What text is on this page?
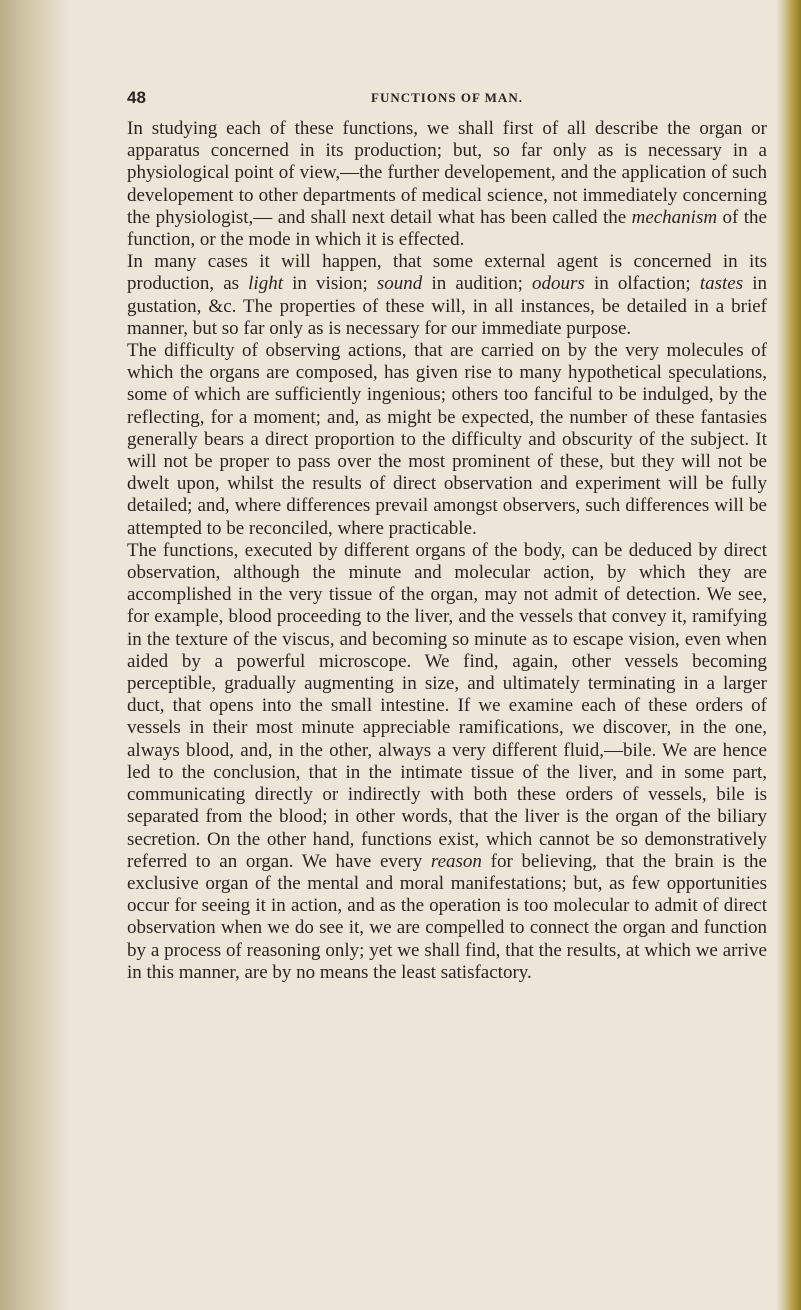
48	FUNCTIONS OF MAN.

In studying each of these functions, we shall first of all describe the organ or apparatus concerned in its production; but, so far only as is necessary in a physiological point of view,—the further developement, and the application of such developement to other departments of medical science, not immediately concerning the physiologist,— and shall next detail what has been called the mechanism of the function, or the mode in which it is effected.

In many cases it will happen, that some external agent is concerned in its production, as light in vision; sound in audition; odours in olfaction; tastes in gustation, &c. The properties of these will, in all instances, be detailed in a brief manner, but so far only as is necessary for our immediate purpose.

The difficulty of observing actions, that are carried on by the very molecules of which the organs are composed, has given rise to many hypothetical speculations, some of which are sufficiently ingenious; others too fanciful to be indulged, by the reflecting, for a moment; and, as might be expected, the number of these fantasies generally bears a direct proportion to the difficulty and obscurity of the subject. It will not be proper to pass over the most prominent of these, but they will not be dwelt upon, whilst the results of direct observation and experiment will be fully detailed; and, where differences prevail amongst observers, such differences will be attempted to be reconciled, where practicable.

The functions, executed by different organs of the body, can be deduced by direct observation, although the minute and molecular action, by which they are accomplished in the very tissue of the organ, may not admit of detection. We see, for example, blood proceeding to the liver, and the vessels that convey it, ramifying in the texture of the viscus, and becoming so minute as to escape vision, even when aided by a powerful microscope. We find, again, other vessels becoming perceptible, gradually augmenting in size, and ultimately terminating in a larger duct, that opens into the small intestine. If we examine each of these orders of vessels in their most minute appreciable ramifications, we discover, in the one, always blood, and, in the other, always a very different fluid,—bile. We are hence led to the conclusion, that in the intimate tissue of the liver, and in some part, communicating directly or indirectly with both these orders of vessels, bile is separated from the blood; in other words, that the liver is the organ of the biliary secretion. On the other hand, functions exist, which cannot be so demonstratively referred to an organ. We have every reason for believing, that the brain is the exclusive organ of the mental and moral manifestations; but, as few opportunities occur for seeing it in action, and as the operation is too molecular to admit of direct observation when we do see it, we are compelled to connect the organ and function by a process of reasoning only; yet we shall find, that the results, at which we arrive in this manner, are by no means the least satisfactory.
